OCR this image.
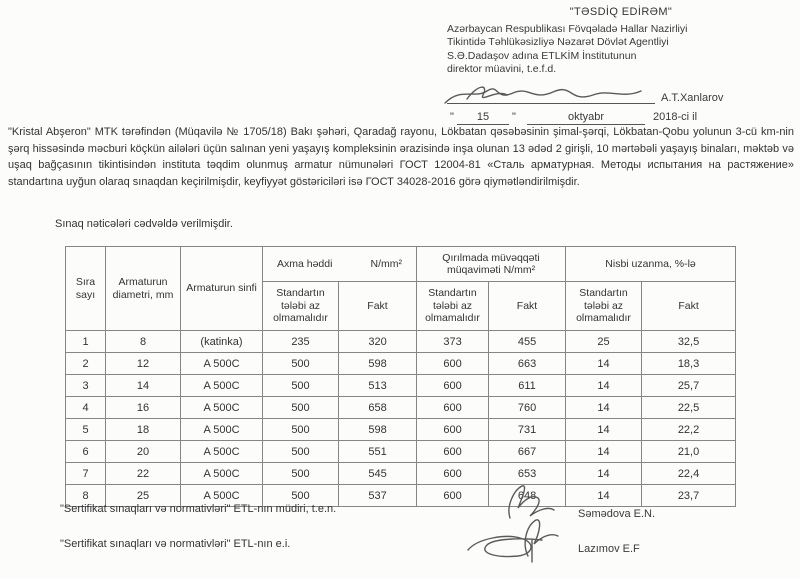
"TƏSDİQ EDİRƏM"
Azərbaycan Respublikası Fövqəladə Hallar Nazirliyi
Tikintidə Təhlükəsizliyə Nəzarət Dövlət Agentliyi
S.Ə.Dadaşov adına ETLKİM İnstitutunun
direktor müavini, t.e.f.d.
A.T.Xanlarov
" 15 "	oktyabr	2018-ci il

"Kristal Abşeron" MTK tərəfindən (Müqavilə № 1705/18) Bakı şəhəri, Qaradağ rayonu, Lökbatan qəsəbəsinin şimal-şərqi, Lökbatan-Qobu yolunun 3-cü km-nin şərq hissəsində məcburi köçkün ailələri üçün salınan yeni yaşayış kompleksinin ərazisində inşa olunan 13 ədəd 2 girişli, 10 mərtəbəli yaşayış binaları, məktəb və uşaq bağçasının tikintisindən instituta təqdim olunmuş armatur nümunələri ГОСТ 12004-81 «Сталь арматурная. Методы испытания на растяжение» standartına uyğun olaraq sınaqdan keçirilmişdir, keyfiyyət göstəriciləri isə ГОСТ 34028-2016 görə qiymətləndirilmişdir.

Sınaq nəticələri cədvəldə verilmişdir.

Sıra sayı	Armaturun diametri, mm	Armaturun sinfi	Axma həddi N/mm²		Qırılmada müvəqqəti müqaviməti N/mm²		Nisbi uzanma, %-lə	
			Standartın tələbi az olmamalıdır	Fakt	Standartın tələbi az olmamalıdır	Fakt	Standartın tələbi az olmamalıdır	Fakt
1	8	(katinka)	235	320	373	455	25	32,5
2	12	A 500C	500	598	600	663	14	18,3
3	14	A 500C	500	513	600	611	14	25,7
4	16	A 500C	500	658	600	760	14	22,5
5	18	A 500C	500	598	600	731	14	22,2
6	20	A 500C	500	551	600	667	14	21,0
7	22	A 500C	500	545	600	653	14	22,4
8	25	A 500C	500	537	600	648	14	23,7

"Sertifikat sınaqları və normativləri" ETL-nın müdiri, t.e.n.

"Sertifikat sınaqları və normativləri" ETL-nın e.i.

Səmədova E.N.

Lazımov E.F
